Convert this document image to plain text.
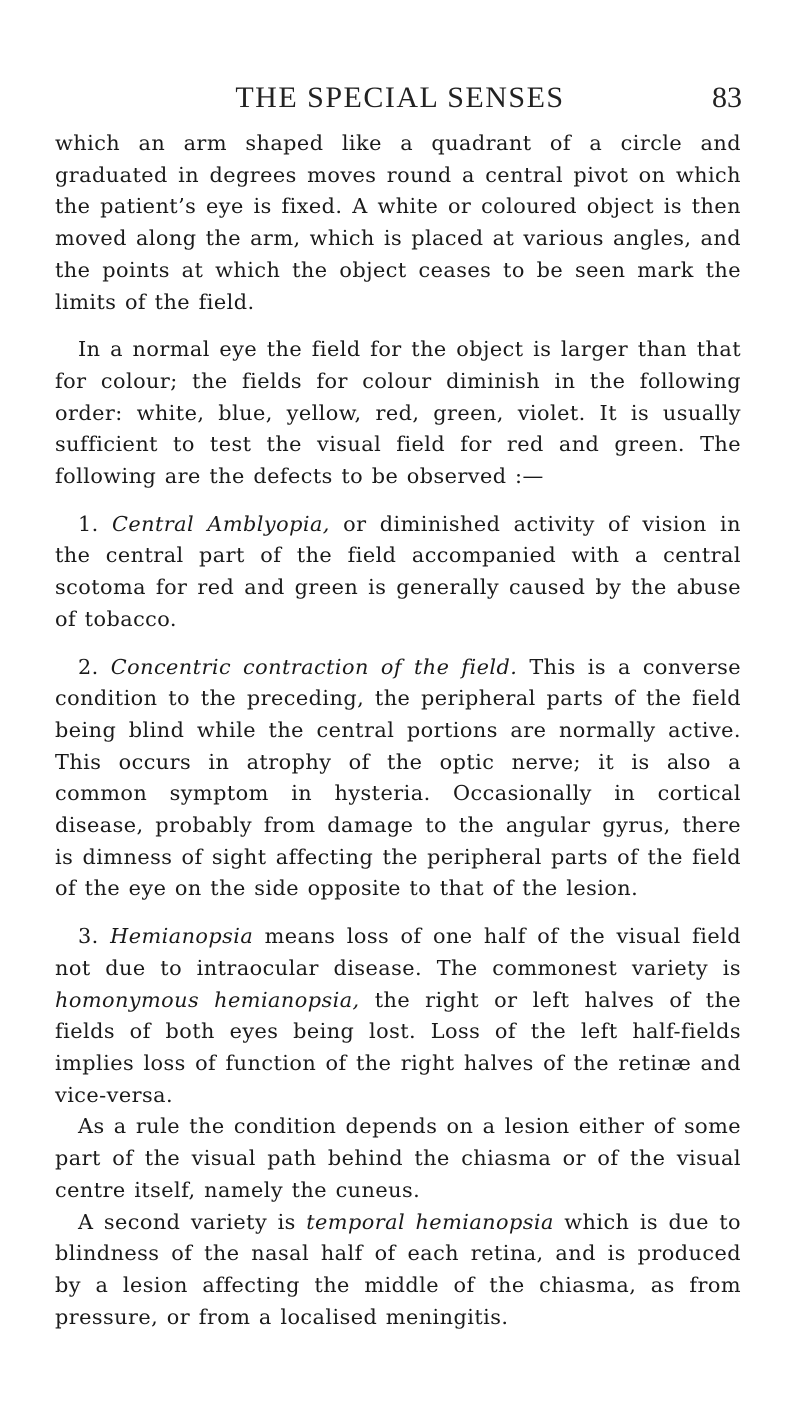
THE SPECIAL SENSES	83

which an arm shaped like a quadrant of a circle and graduated in degrees moves round a central pivot on which the patient’s eye is fixed. A white or coloured object is then moved along the arm, which is placed at various angles, and the points at which the object ceases to be seen mark the limits of the field.

In a normal eye the field for the object is larger than that for colour; the fields for colour diminish in the following order: white, blue, yellow, red, green, violet. It is usually sufficient to test the visual field for red and green. The following are the defects to be observed :—

1. Central Amblyopia, or diminished activity of vision in the central part of the field accompanied with a central scotoma for red and green is generally caused by the abuse of tobacco.

2. Concentric contraction of the field. This is a converse condition to the preceding, the peripheral parts of the field being blind while the central portions are normally active. This occurs in atrophy of the optic nerve; it is also a common symptom in hysteria. Occasionally in cortical disease, probably from damage to the angular gyrus, there is dimness of sight affecting the peripheral parts of the field of the eye on the side opposite to that of the lesion.

3. Hemianopsia means loss of one half of the visual field not due to intraocular disease. The commonest variety is homonymous hemianopsia, the right or left halves of the fields of both eyes being lost. Loss of the left half-fields implies loss of function of the right halves of the retinæ and vice-versa.

As a rule the condition depends on a lesion either of some part of the visual path behind the chiasma or of the visual centre itself, namely the cuneus.

A second variety is temporal hemianopsia which is due to blindness of the nasal half of each retina, and is produced by a lesion affecting the middle of the chiasma, as from pressure, or from a localised meningitis.
